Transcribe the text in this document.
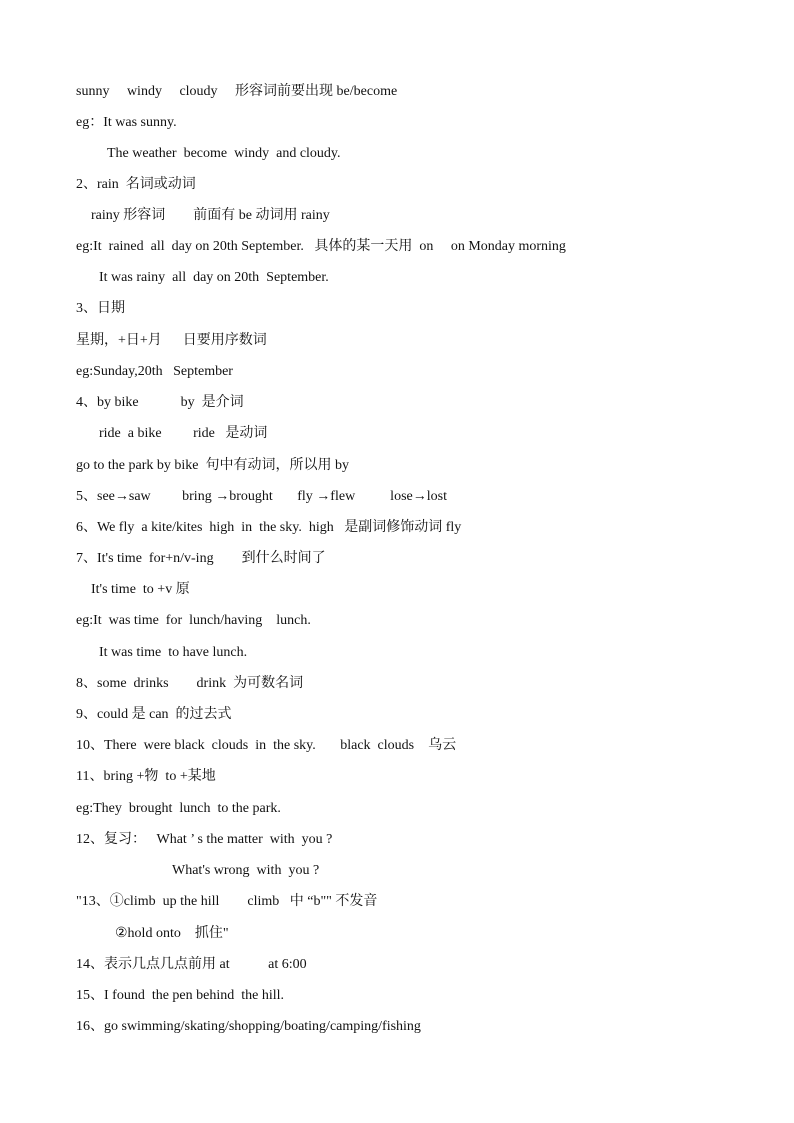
sunny     windy     cloudy     形容词前要出现 be/become
eg：It was sunny.
The weather  become  windy  and cloudy.
2、rain  名词或动词
rainy 形容词        前面有 be 动词用 rainy
eg:It  rained  all  day on 20th September.   具体的某一天用  on     on Monday morning
It was rainy  all  day on 20th  September.
3、日期
星期，+日+月      日要用序数词
eg:Sunday,20th   September
4、by bike            by  是介词
ride  a bike         ride   是动词
go to the park by bike  句中有动词，所以用 by
5、see→saw         bring →brought       fly →flew          lose→lost
6、We fly  a kite/kites  high  in  the sky.  high   是副词修饰动词 fly
7、It's time  for+n/v-ing        到什么时间了
It's time  to +v 原
eg:It  was time  for  lunch/having    lunch.
It was time  to have lunch.
8、some  drinks        drink  为可数名词
9、could 是 can  的过去式
10、There  were black  clouds  in  the sky.       black  clouds    乌云
11、bring +物  to +某地
eg:They  brought  lunch  to the park.
12、复习：   What ’ s the matter  with  you ?
What's wrong  with  you ?
"13、①climb  up the hill        climb   中 “b"" 不发音
②hold onto    抓住"
14、表示几点几点前用 at           at 6:00
15、I found  the pen behind  the hill.
16、go swimming/skating/shopping/boating/camping/fishing
